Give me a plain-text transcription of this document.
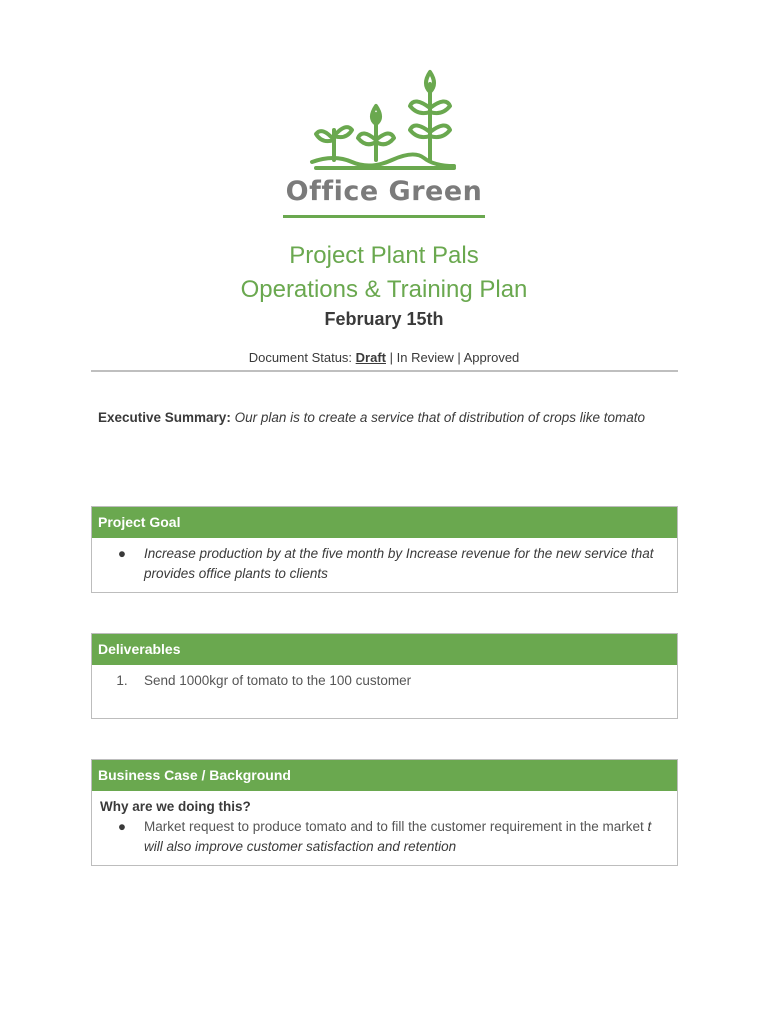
Office Green
Project Plant Pals
Operations & Training Plan
February 15th
Document Status: Draft | In Review | Approved
Executive Summary: Our plan is to create a service that of distribution of crops like tomato
Project Goal
●	Increase production by at the five month by Increase revenue for the new service that provides office plants to clients
Deliverables
1.	Send 1000kgr of tomato to the 100 customer
Business Case / Background
Why are we doing this?
●	Market request to produce tomato and to fill the customer requirement in the market t will also improve customer satisfaction and retention
